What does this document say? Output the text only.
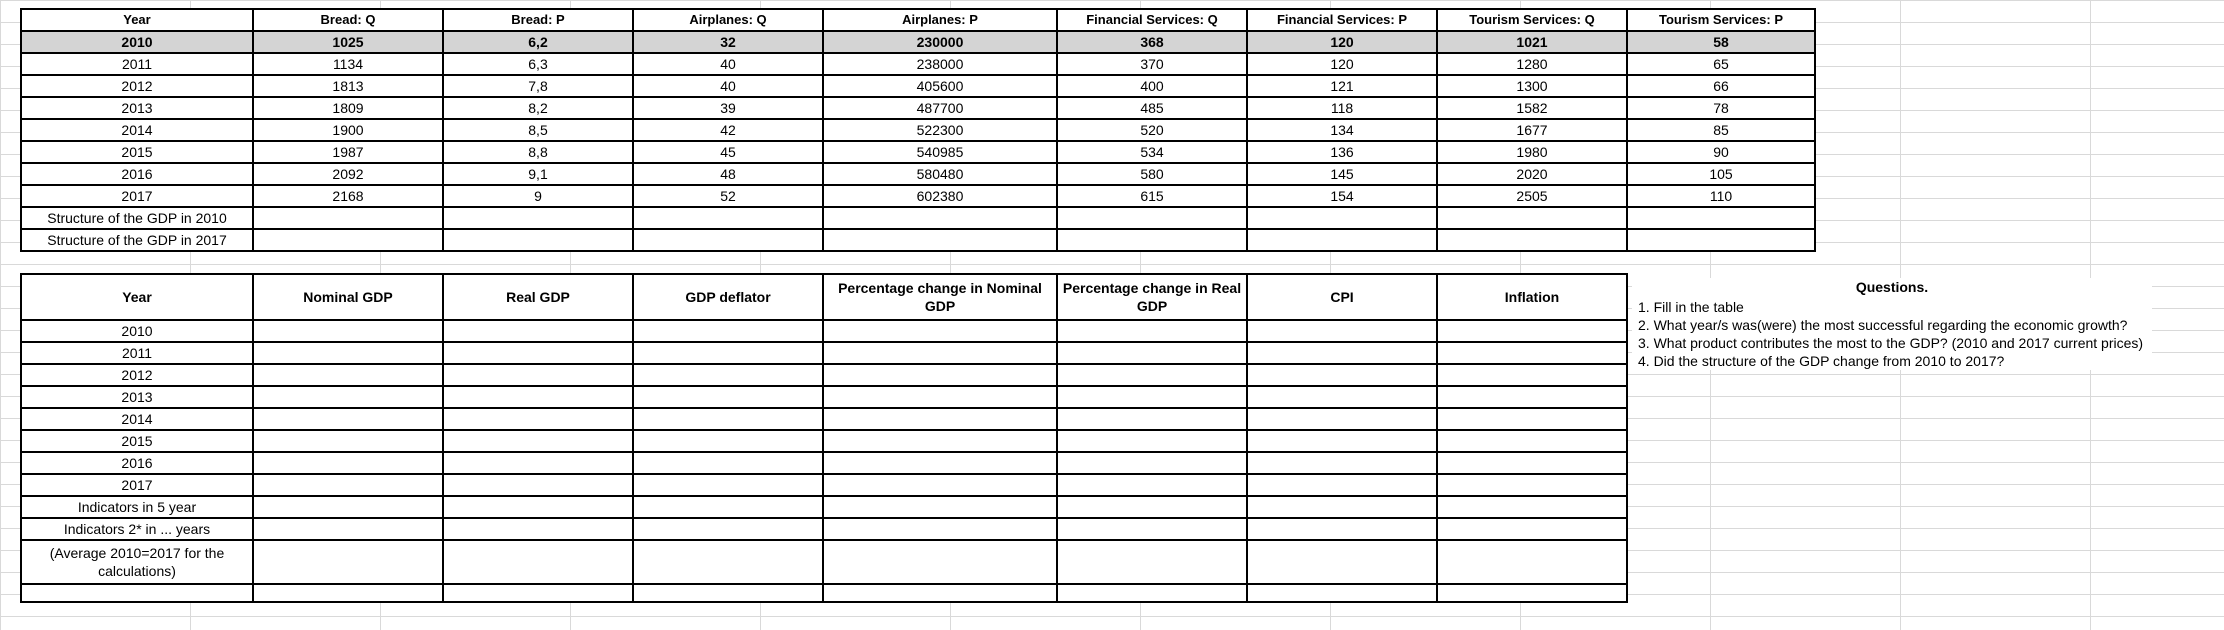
Year	Bread: Q	Bread: P	Airplanes: Q	Airplanes: P	Financial Services: Q	Financial Services: P	Tourism Services: Q	Tourism Services: P
2010	1025	6,2	32	230000	368	120	1021	58
2011	1134	6,3	40	238000	370	120	1280	65
2012	1813	7,8	40	405600	400	121	1300	66
2013	1809	8,2	39	487700	485	118	1582	78
2014	1900	8,5	42	522300	520	134	1677	85
2015	1987	8,8	45	540985	534	136	1980	90
2016	2092	9,1	48	580480	580	145	2020	105
2017	2168	9	52	602380	615	154	2505	110
Structure of the GDP in 2010								
Structure of the GDP in 2017								
Year	Nominal GDP	Real GDP	GDP deflator	Percentage change in Nominal GDP	Percentage change in Real GDP	CPI	Inflation
2010							
2011							
2012							
2013							
2014							
2015							
2016							
2017							
Indicators in 5 year							
Indicators 2* in ... years							
(Average 2010=2017 for the calculations)							

Questions.
1. Fill in the table
2. What year/s was(were) the most successful regarding the economic growth?
3. What product contributes the most to the GDP? (2010 and 2017 current prices)
4. Did the structure of the GDP change from 2010 to 2017?
